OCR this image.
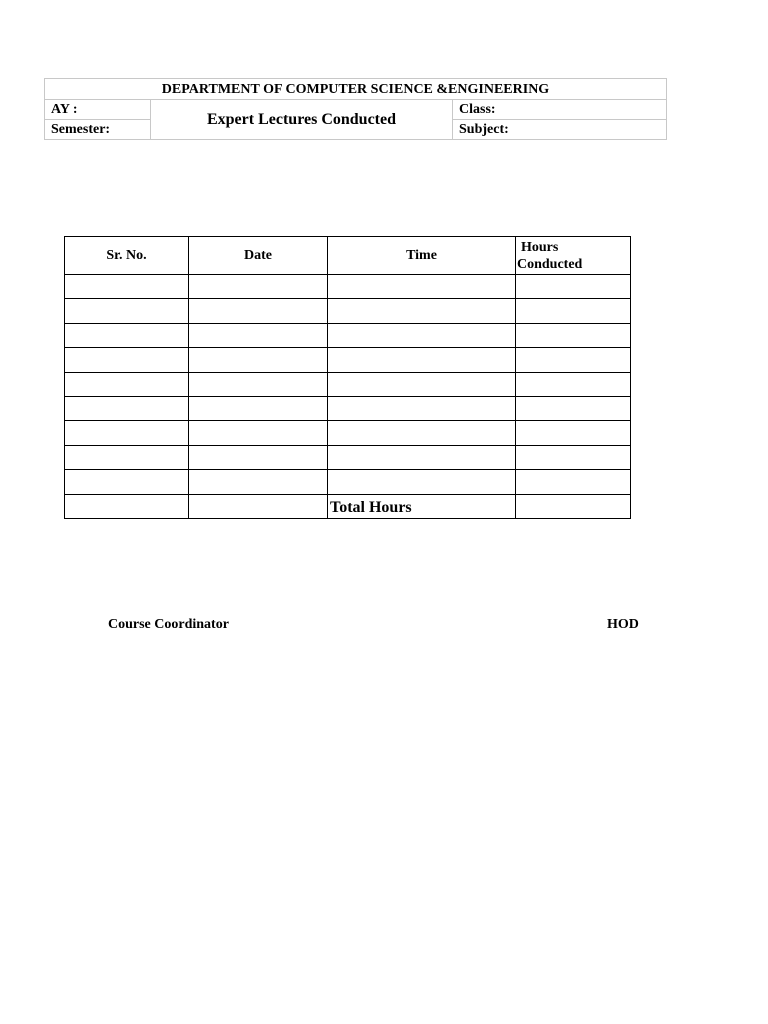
DEPARTMENT OF COMPUTER SCIENCE &ENGINEERING		
AY :	Expert Lectures Conducted	Class:
Semester:		Subject:
Sr. No.	Date	Time	Hours
Conducted

		Total Hours	
Course Coordinator	HOD
